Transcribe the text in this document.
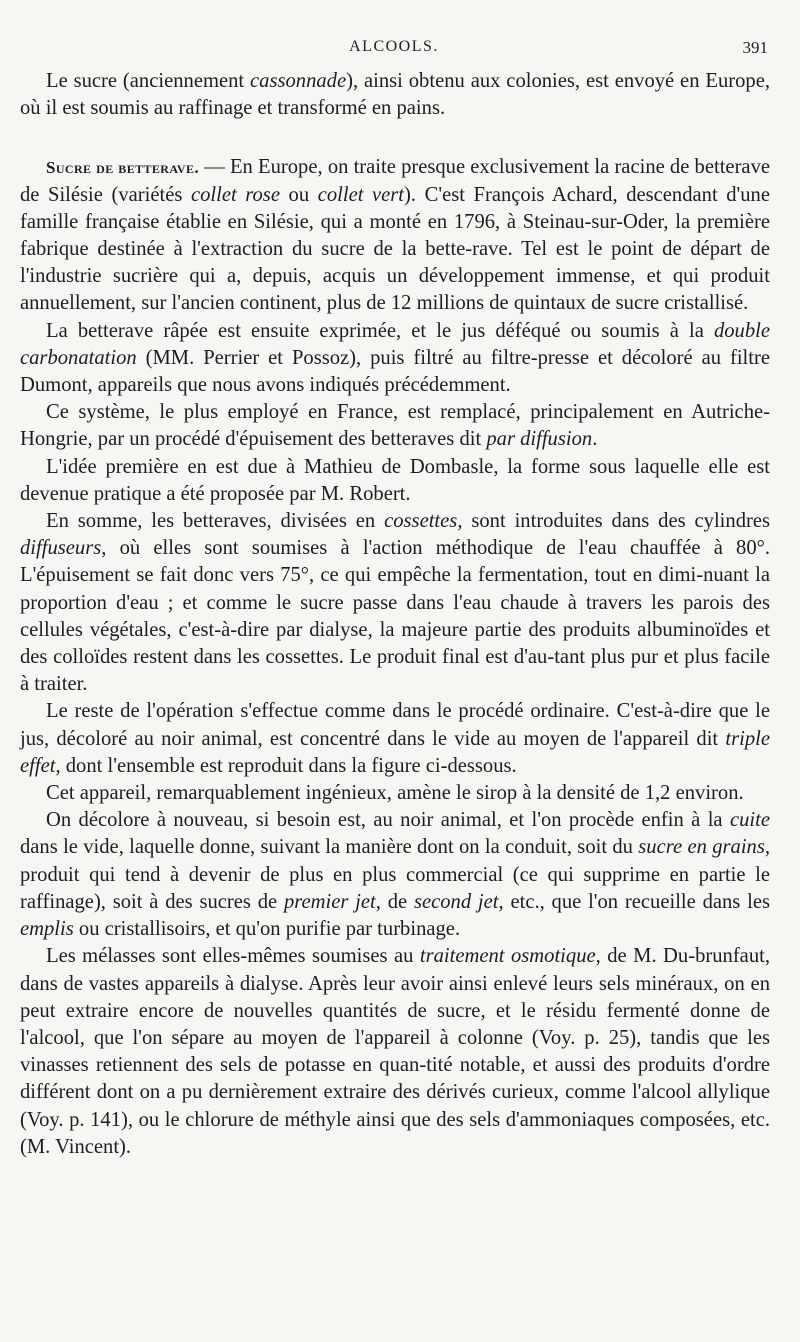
ALCOOLS.	391

Le sucre (anciennement cassonnade), ainsi obtenu aux colonies, est envoyé en Europe, où il est soumis au raffinage et transformé en pains.

Sucre de betterave. — En Europe, on traite presque exclusivement la racine de betterave de Silésie (variétés collet rose ou collet vert). C'est François Achard, descendant d'une famille française établie en Silésie, qui a monté en 1796, à Steinau-sur-Oder, la première fabrique destinée à l'extraction du sucre de la bette-rave. Tel est le point de départ de l'industrie sucrière qui a, depuis, acquis un développement immense, et qui produit annuellement, sur l'ancien continent, plus de 12 millions de quintaux de sucre cristallisé.

La betterave râpée est ensuite exprimée, et le jus déféqué ou soumis à la double carbonatation (MM. Perrier et Possoz), puis filtré au filtre-presse et décoloré au filtre Dumont, appareils que nous avons indiqués précédemment.

Ce système, le plus employé en France, est remplacé, principalement en Autriche-Hongrie, par un procédé d'épuisement des betteraves dit par diffusion.

L'idée première en est due à Mathieu de Dombasle, la forme sous laquelle elle est devenue pratique a été proposée par M. Robert.

En somme, les betteraves, divisées en cossettes, sont introduites dans des cylindres diffuseurs, où elles sont soumises à l'action méthodique de l'eau chauffée à 80°. L'épuisement se fait donc vers 75°, ce qui empêche la fermentation, tout en dimi-nuant la proportion d'eau ; et comme le sucre passe dans l'eau chaude à travers les parois des cellules végétales, c'est-à-dire par dialyse, la majeure partie des produits albuminoïdes et des colloïdes restent dans les cossettes. Le produit final est d'au-tant plus pur et plus facile à traiter.

Le reste de l'opération s'effectue comme dans le procédé ordinaire. C'est-à-dire que le jus, décoloré au noir animal, est concentré dans le vide au moyen de l'appareil dit triple effet, dont l'ensemble est reproduit dans la figure ci-dessous.

Cet appareil, remarquablement ingénieux, amène le sirop à la densité de 1,2 environ.

On décolore à nouveau, si besoin est, au noir animal, et l'on procède enfin à la cuite dans le vide, laquelle donne, suivant la manière dont on la conduit, soit du sucre en grains, produit qui tend à devenir de plus en plus commercial (ce qui supprime en partie le raffinage), soit à des sucres de premier jet, de second jet, etc., que l'on recueille dans les emplis ou cristallisoirs, et qu'on purifie par turbinage.

Les mélasses sont elles-mêmes soumises au traitement osmotique, de M. Du-brunfaut, dans de vastes appareils à dialyse. Après leur avoir ainsi enlevé leurs sels minéraux, on en peut extraire encore de nouvelles quantités de sucre, et le résidu fermenté donne de l'alcool, que l'on sépare au moyen de l'appareil à colonne (Voy. p. 25), tandis que les vinasses retiennent des sels de potasse en quan-tité notable, et aussi des produits d'ordre différent dont on a pu dernièrement extraire des dérivés curieux, comme l'alcool allylique (Voy. p. 141), ou le chlorure de méthyle ainsi que des sels d'ammoniaques composées, etc. (M. Vincent).
